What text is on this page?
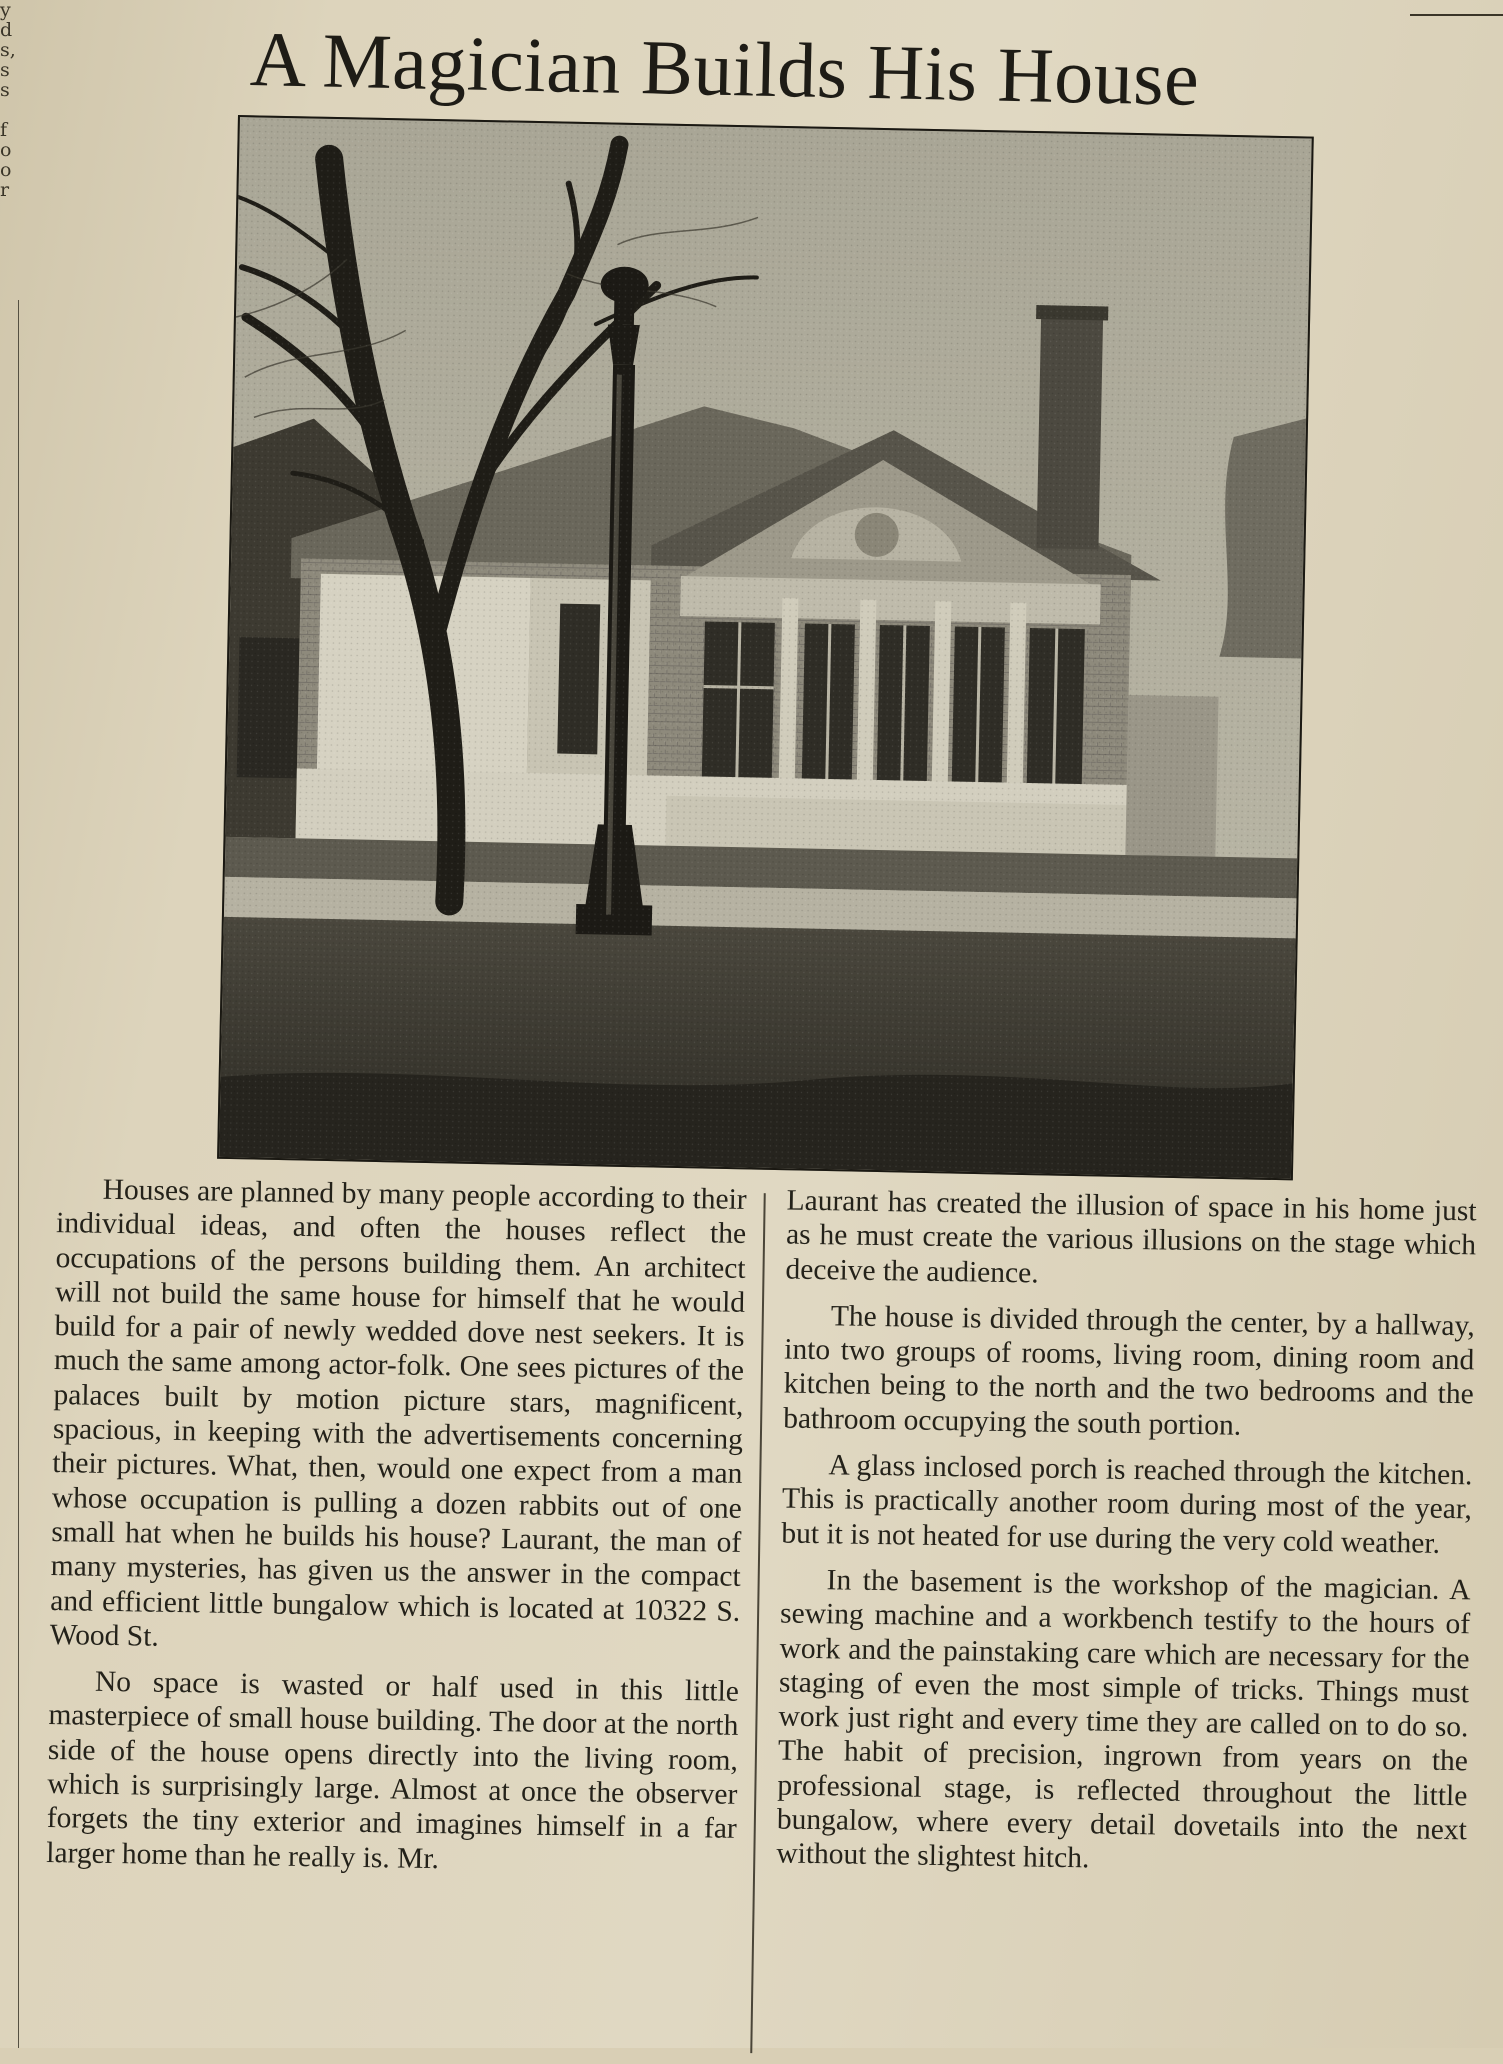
y
d
s,
s
s
f
o
o
r
A Magician Builds His House

Houses are planned by many people according to their individual ideas, and often the houses reflect the occupations of the persons building them. An architect will not build the same house for himself that he would build for a pair of newly wedded dove nest seekers. It is much the same among actor-folk. One sees pictures of the palaces built by motion picture stars, magnificent, spacious, in keeping with the advertisements concerning their pictures. What, then, would one expect from a man whose occupation is pulling a dozen rabbits out of one small hat when he builds his house? Laurant, the man of many mysteries, has given us the answer in the compact and efficient little bungalow which is located at 10322 S. Wood St.

No space is wasted or half used in this little masterpiece of small house building. The door at the north side of the house opens directly into the living room, which is surprisingly large. Almost at once the observer forgets the tiny exterior and imagines himself in a far larger home than he really is. Mr.

Laurant has created the illusion of space in his home just as he must create the various illusions on the stage which deceive the audience.

The house is divided through the center, by a hallway, into two groups of rooms, living room, dining room and kitchen being to the north and the two bedrooms and the bathroom occupying the south portion.

A glass inclosed porch is reached through the kitchen. This is practically another room during most of the year, but it is not heated for use during the very cold weather.

In the basement is the workshop of the magician. A sewing machine and a workbench testify to the hours of work and the painstaking care which are necessary for the staging of even the most simple of tricks. Things must work just right and every time they are called on to do so. The habit of precision, ingrown from years on the professional stage, is reflected throughout the little bungalow, where every detail dovetails into the next without the slightest hitch.
